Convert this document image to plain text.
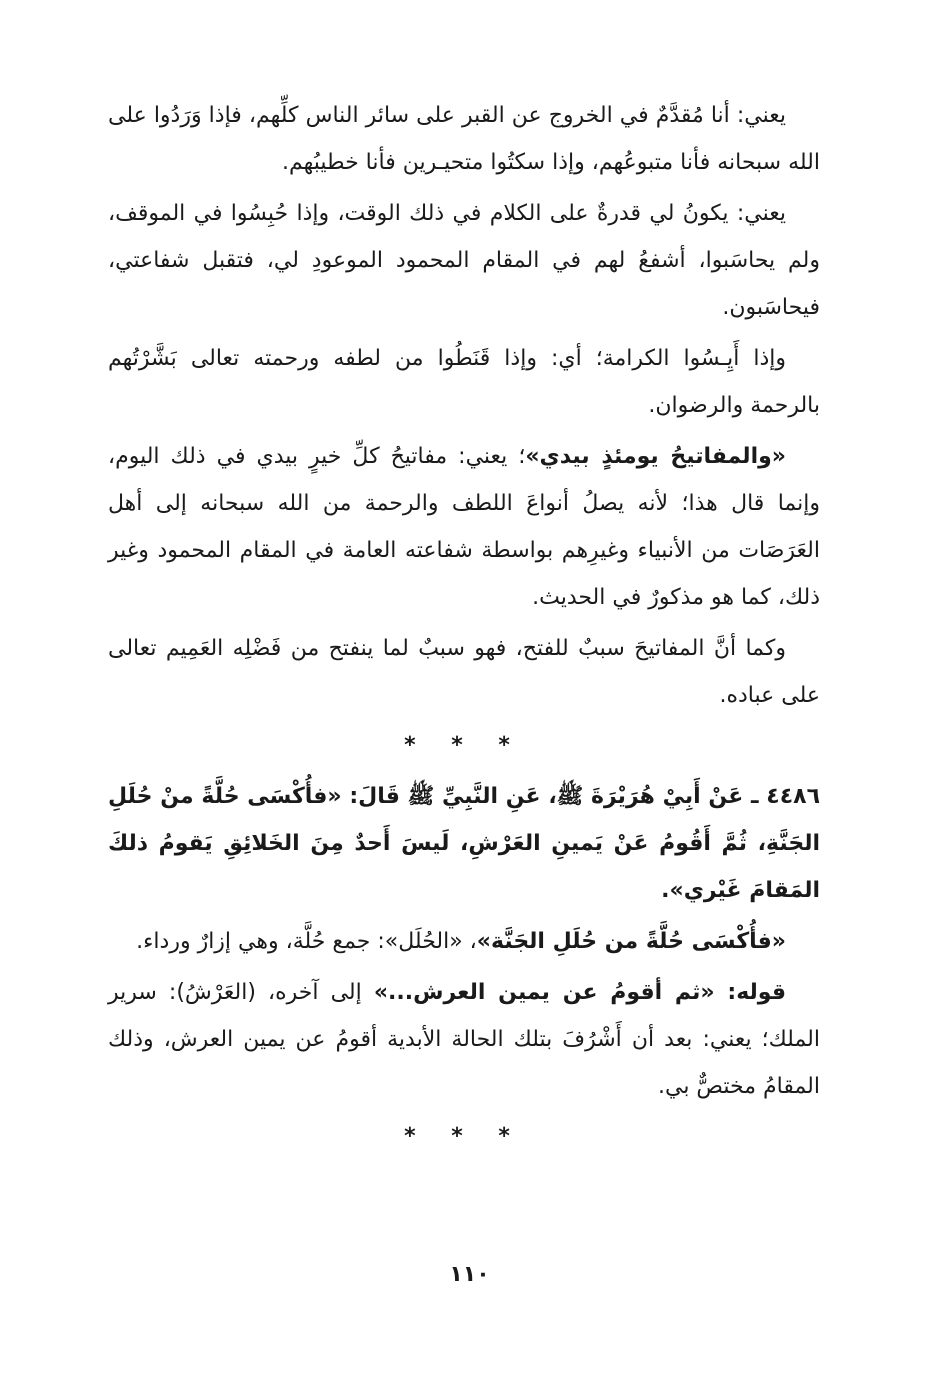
يعني: أنا مُقدَّمٌ في الخروج عن القبر على سائر الناس كلِّهم، فإذا وَرَدُوا على الله سبحانه فأنا متبوعُهم، وإذا سكتُوا متحيـرين فأنا خطيبُهم.

يعني: يكونُ لي قدرةٌ على الكلام في ذلك الوقت، وإذا حُبِسُوا في الموقف، ولم يحاسَبوا، أشفعُ لهم في المقام المحمود الموعودِ لي، فتقبل شفاعتي، فيحاسَبون.

وإذا أَيِـسُوا الكرامة؛ أي: وإذا قَنَطُوا من لطفه ورحمته تعالى بَشَّرْتُهم بالرحمة والرضوان.

«والمفاتيحُ يومئذٍ بيدي»؛ يعني: مفاتيحُ كلِّ خيرٍ بيدي في ذلك اليوم، وإنما قال هذا؛ لأنه يصلُ أنواعَ اللطف والرحمة من الله سبحانه إلى أهل العَرَصَات من الأنبياء وغيرِهم بواسطة شفاعته العامة في المقام المحمود وغير ذلك، كما هو مذكورٌ في الحديث.

وكما أنَّ المفاتيحَ سببٌ للفتح، فهو سببٌ لما ينفتح من فَضْلِه العَمِيم تعالى على عباده.

* * *

٤٤٨٦ ـ عَنْ أَبِيْ هُرَيْرَةَ ﷺ، عَنِ النَّبِيِّ ﷺ قَالَ: «فأُكْسَى حُلَّةً منْ حُلَلِ الجَنَّةِ، ثُمَّ أَقُومُ عَنْ يَمينِ العَرْشِ، لَيسَ أَحدٌ مِنَ الخَلائِقِ يَقومُ ذلكَ المَقامَ غَيْري».

«فأُكْسَى حُلَّةً من حُلَلِ الجَنَّة»، «الحُلَل»: جمع حُلَّة، وهي إزارٌ ورداء.

قوله: «ثم أقومُ عن يمين العرش...» إلى آخره، (العَرْشُ): سرير الملك؛ يعني: بعد أن أَشْرُفَ بتلك الحالة الأبدية أقومُ عن يمين العرش، وذلك المقامُ مختصٌّ بي.

* * *
١١٠
